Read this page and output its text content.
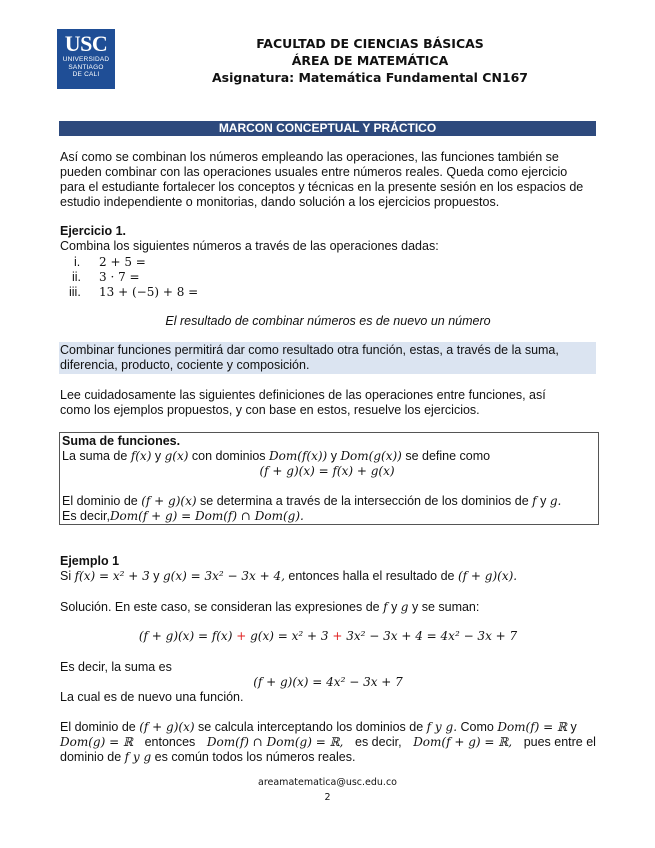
USC
UNIVERSIDAD
SANTIAGO
DE CALI
FACULTAD DE CIENCIAS BÁSICAS
ÁREA DE MATEMÁTICA
Asignatura: Matemática Fundamental CN167
MARCON CONCEPTUAL Y PRÁCTICO
Así como se combinan los números empleando las operaciones, las funciones también se
pueden combinar con las operaciones usuales entre números reales. Queda como ejercicio
para el estudiante fortalecer los conceptos y técnicas en la presente sesión en los espacios de
estudio independiente o monitorias, dando solución a los ejercicios propuestos.
Ejercicio 1.
Combina los siguientes números a través de las operaciones dadas:
i. 2 + 5 =
ii. 3 · 7 =
iii. 13 + (−5) + 8 =
El resultado de combinar números es de nuevo un número
Combinar funciones permitirá dar como resultado otra función, estas, a través de la suma,
diferencia, producto, cociente y composición.
Lee cuidadosamente las siguientes definiciones de las operaciones entre funciones, así
como los ejemplos propuestos, y con base en estos, resuelve los ejercicios.
Suma de funciones.
La suma de f(x) y g(x) con dominios Dom(f(x)) y Dom(g(x)) se define como
(f + g)(x) = f(x) + g(x)
El dominio de (f + g)(x) se determina a través de la intersección de los dominios de f y g.
Es decir,Dom(f + g) = Dom(f) ∩ Dom(g).
Ejemplo 1
Si f(x) = x² + 3 y g(x) = 3x² − 3x + 4, entonces halla el resultado de (f + g)(x).
Solución. En este caso, se consideran las expresiones de f y g y se suman:
(f + g)(x) = f(x) + g(x) = x² + 3 + 3x² − 3x + 4 = 4x² − 3x + 7
Es decir, la suma es
(f + g)(x) = 4x² − 3x + 7
La cual es de nuevo una función.
El dominio de (f + g)(x) se calcula interceptando los dominios de f y g. Como Dom(f) = ℝ y
Dom(g) = ℝ entonces Dom(f) ∩ Dom(g) = ℝ, es decir, Dom(f + g) = ℝ, pues entre el
dominio de f y g es común todos los números reales.
areamatematica@usc.edu.co
2
